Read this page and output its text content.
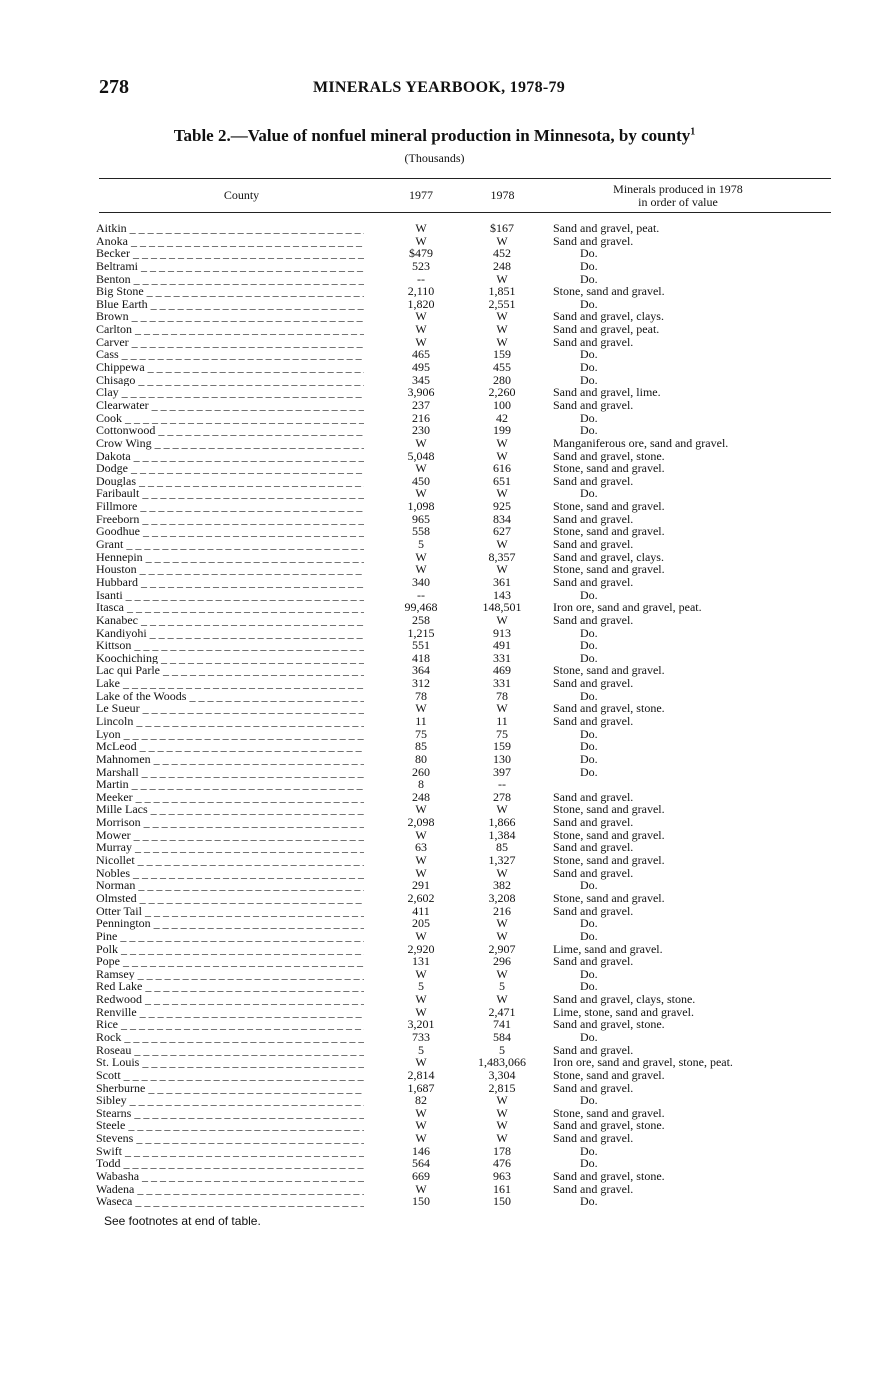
278	MINERALS YEARBOOK, 1978-79
Table 2.—Value of nonfuel mineral production in Minnesota, by county$^1$
(Thousands)
County	1977	1978	Minerals produced in 1978
in order of value
Aitkin _ _ _	W	$167	Sand and gravel, peat.
Anoka _ _ _	W	W	Sand and gravel.
Becker _ _ _	$479	452	Do.
Beltrami _ _ _	523	248	Do.
Benton _ _ _	--	W	Do.
Big Stone _ _ _	2,110	1,851	Stone, sand and gravel.
Blue Earth _ _ _	1,820	2,551	Do.
Brown _ _ _	W	W	Sand and gravel, clays.
Carlton _ _ _	W	W	Sand and gravel, peat.
Carver _ _ _	W	W	Sand and gravel.
Cass _ _ _	465	159	Do.
Chippewa _ _ _	495	455	Do.
Chisago _ _ _	345	280	Do.
Clay _ _ _	3,906	2,260	Sand and gravel, lime.
Clearwater _ _ _	237	100	Sand and gravel.
Cook _ _ _	216	42	Do.
Cottonwood _ _ _	230	199	Do.
Crow Wing _ _ _	W	W	Manganiferous ore, sand and gravel.
Dakota _ _ _	5,048	W	Sand and gravel, stone.
Dodge _ _ _	W	616	Stone, sand and gravel.
Douglas _ _ _	450	651	Sand and gravel.
Faribault _ _ _	W	W	Do.
Fillmore _ _ _	1,098	925	Stone, sand and gravel.
Freeborn _ _ _	965	834	Sand and gravel.
Goodhue _ _ _	558	627	Stone, sand and gravel.
Grant _ _ _	5	W	Sand and gravel.
Hennepin _ _ _	W	8,357	Sand and gravel, clays.
Houston _ _ _	W	W	Stone, sand and gravel.
Hubbard _ _ _	340	361	Sand and gravel.
Isanti _ _ _	--	143	Do.
Itasca _ _ _	99,468	148,501	Iron ore, sand and gravel, peat.
Kanabec _ _ _	258	W	Sand and gravel.
Kandiyohi _ _ _	1,215	913	Do.
Kittson _ _ _	551	491	Do.
Koochiching _ _ _	418	331	Do.
Lac qui Parle _ _ _	364	469	Stone, sand and gravel.
Lake _ _ _	312	331	Sand and gravel.
Lake of the Woods _ _ _	78	78	Do.
Le Sueur _ _ _	W	W	Sand and gravel, stone.
Lincoln _ _ _	11	11	Sand and gravel.
Lyon _ _ _	75	75	Do.
McLeod _ _ _	85	159	Do.
Mahnomen _ _ _	80	130	Do.
Marshall _ _ _	260	397	Do.
Martin _ _ _	8	--
Meeker _ _ _	248	278	Sand and gravel.
Mille Lacs _ _ _	W	W	Stone, sand and gravel.
Morrison _ _ _	2,098	1,866	Sand and gravel.
Mower _ _ _	W	1,384	Stone, sand and gravel.
Murray _ _ _	63	85	Sand and gravel.
Nicollet _ _ _	W	1,327	Stone, sand and gravel.
Nobles _ _ _	W	W	Sand and gravel.
Norman _ _ _	291	382	Do.
Olmsted _ _ _	2,602	3,208	Stone, sand and gravel.
Otter Tail _ _ _	411	216	Sand and gravel.
Pennington _ _ _	205	W	Do.
Pine _ _ _	W	W	Do.
Polk _ _ _	2,920	2,907	Lime, sand and gravel.
Pope _ _ _	131	296	Sand and gravel.
Ramsey _ _ _	W	W	Do.
Red Lake _ _ _	5	5	Do.
Redwood _ _ _	W	W	Sand and gravel, clays, stone.
Renville _ _ _	W	2,471	Lime, stone, sand and gravel.
Rice _ _ _	3,201	741	Sand and gravel, stone.
Rock _ _ _	733	584	Do.
Roseau _ _ _	5	5	Sand and gravel.
St. Louis _ _ _	W	1,483,066	Iron ore, sand and gravel, stone, peat.
Scott _ _ _	2,814	3,304	Stone, sand and gravel.
Sherburne _ _ _	1,687	2,815	Sand and gravel.
Sibley _ _ _	82	W	Do.
Stearns _ _ _	W	W	Stone, sand and gravel.
Steele _ _ _	W	W	Sand and gravel, stone.
Stevens _ _ _	W	W	Sand and gravel.
Swift _ _ _	146	178	Do.
Todd _ _ _	564	476	Do.
Wabasha _ _ _	669	963	Sand and gravel, stone.
Wadena _ _ _	W	161	Sand and gravel.
Waseca _ _ _	150	150	Do.
See footnotes at end of table.
